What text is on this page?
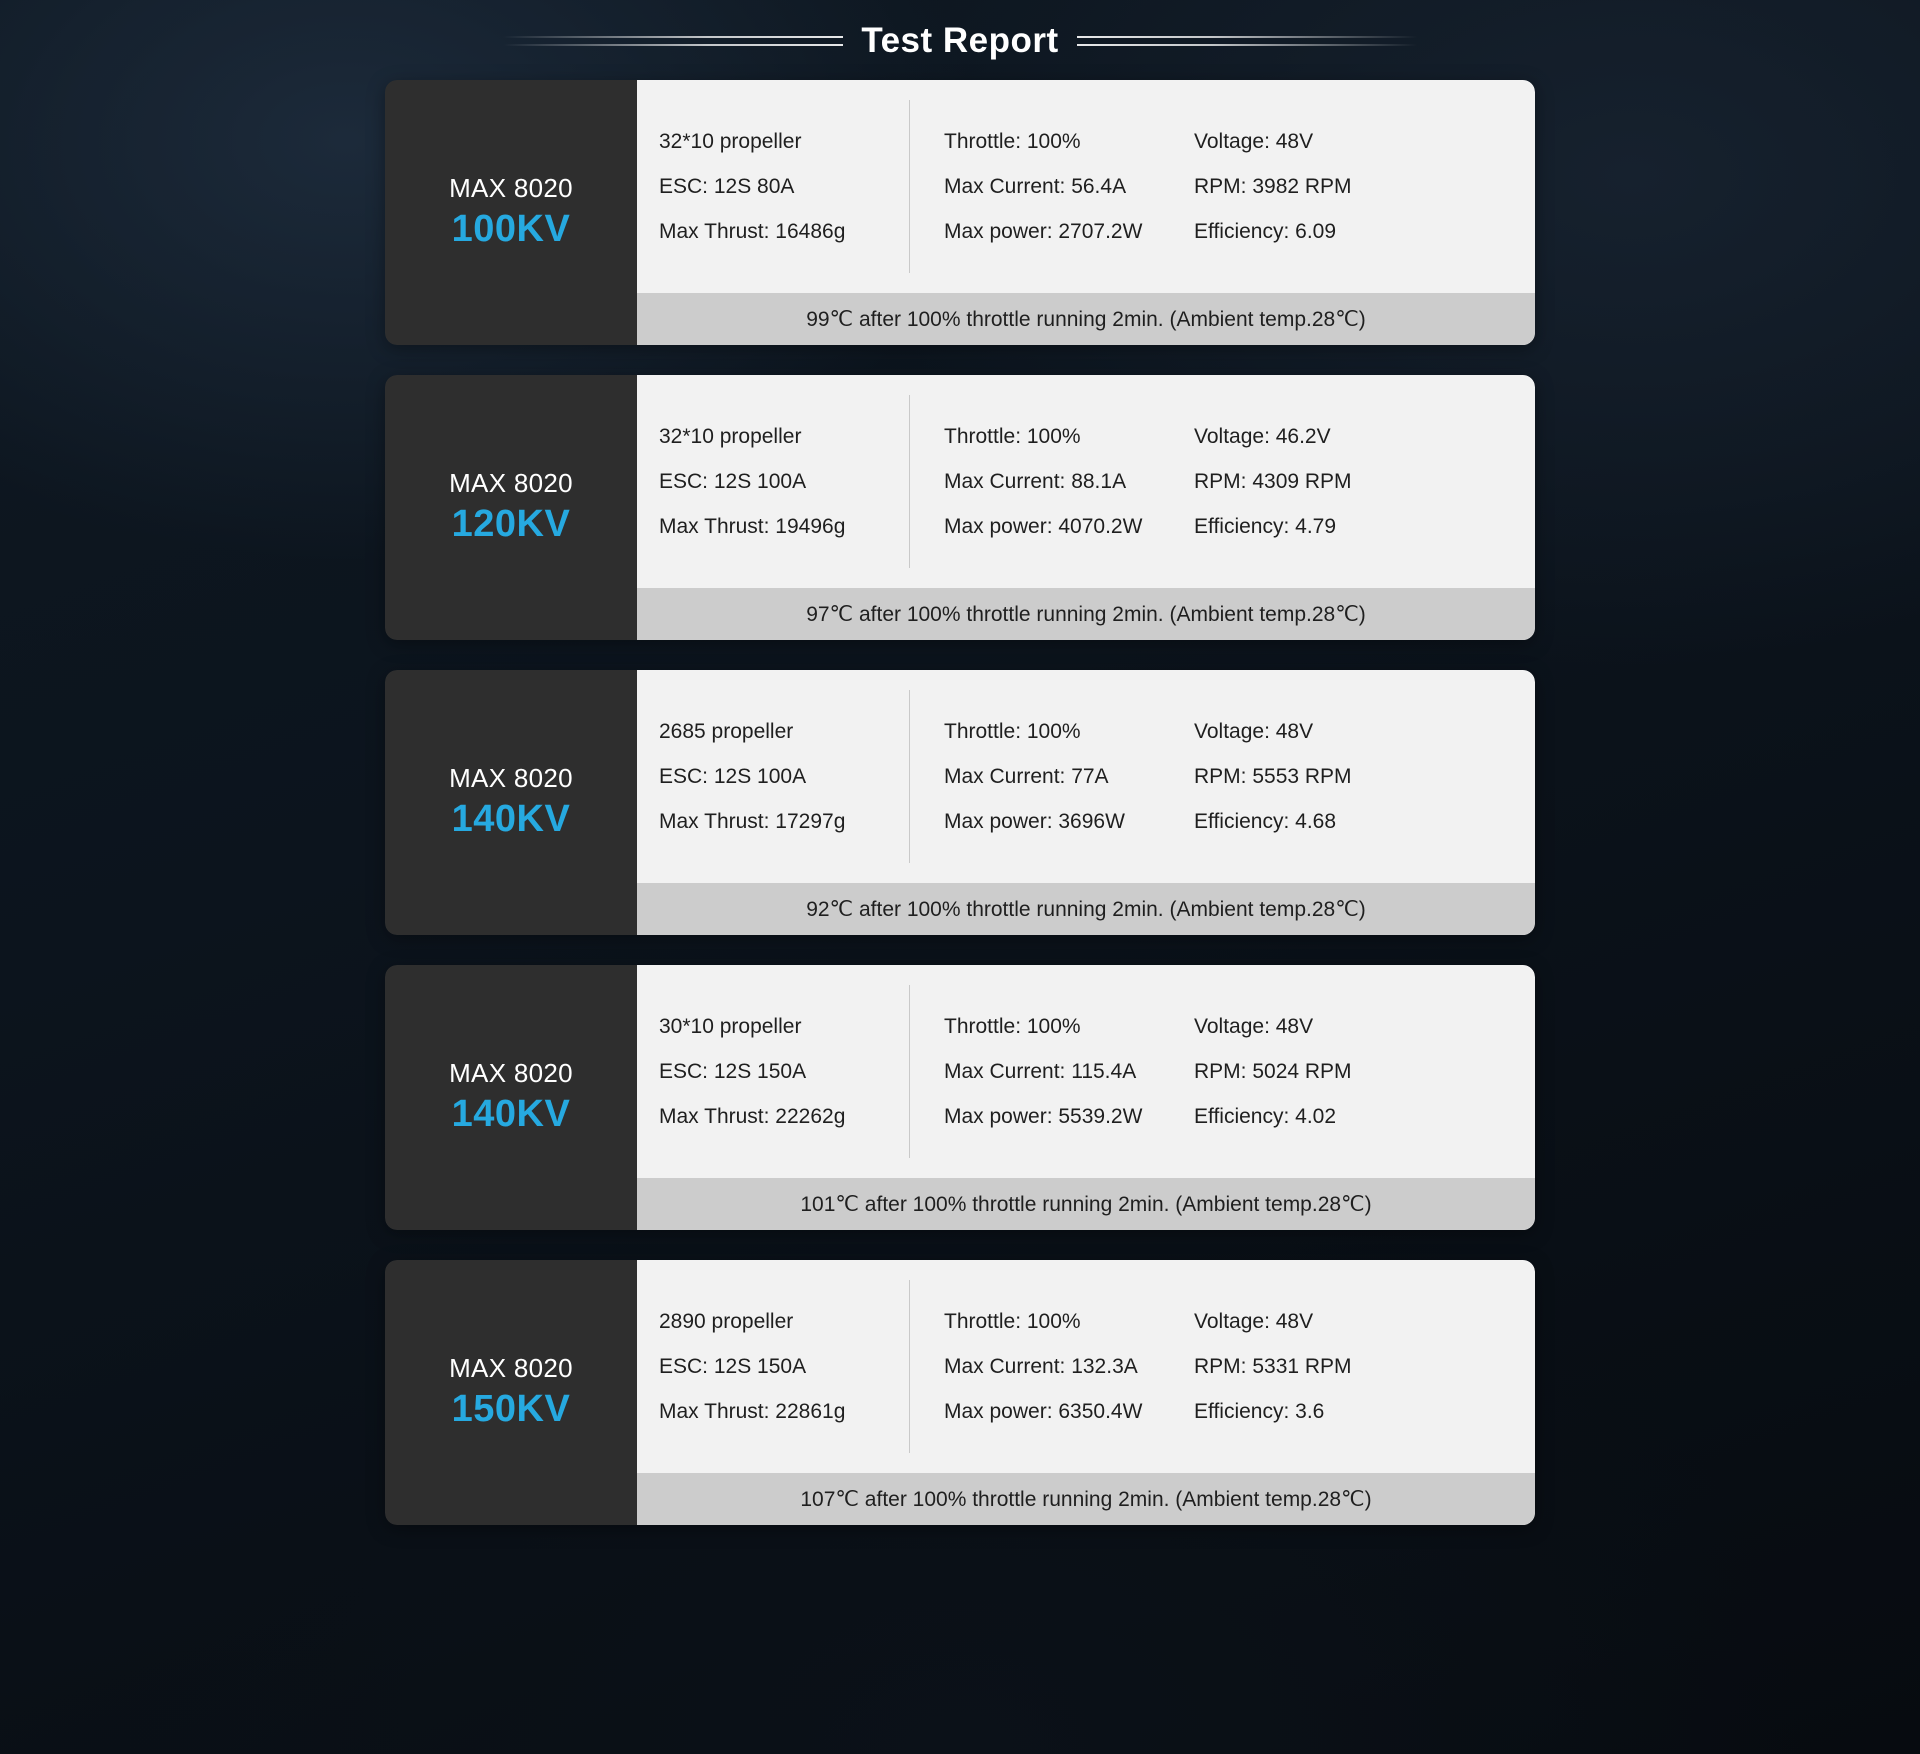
Test Report
MAX 8020
100KV
32*10 propeller
ESC: 12S 80A
Max Thrust: 16486g
Throttle: 100%
Max Current: 56.4A
Max power: 2707.2W
Voltage: 48V
RPM: 3982 RPM
Efficiency: 6.09
99℃ after 100% throttle running 2min. (Ambient temp.28℃)
MAX 8020
120KV
32*10 propeller
ESC: 12S 100A
Max Thrust: 19496g
Throttle: 100%
Max Current: 88.1A
Max power: 4070.2W
Voltage: 46.2V
RPM: 4309 RPM
Efficiency: 4.79
97℃ after 100% throttle running 2min. (Ambient temp.28℃)
MAX 8020
140KV
2685 propeller
ESC: 12S 100A
Max Thrust: 17297g
Throttle: 100%
Max Current: 77A
Max power: 3696W
Voltage: 48V
RPM: 5553 RPM
Efficiency: 4.68
92℃ after 100% throttle running 2min. (Ambient temp.28℃)
MAX 8020
140KV
30*10 propeller
ESC: 12S 150A
Max Thrust: 22262g
Throttle: 100%
Max Current: 115.4A
Max power: 5539.2W
Voltage: 48V
RPM: 5024 RPM
Efficiency: 4.02
101℃ after 100% throttle running 2min. (Ambient temp.28℃)
MAX 8020
150KV
2890 propeller
ESC: 12S 150A
Max Thrust: 22861g
Throttle: 100%
Max Current: 132.3A
Max power: 6350.4W
Voltage: 48V
RPM: 5331 RPM
Efficiency: 3.6
107℃ after 100% throttle running 2min. (Ambient temp.28℃)
